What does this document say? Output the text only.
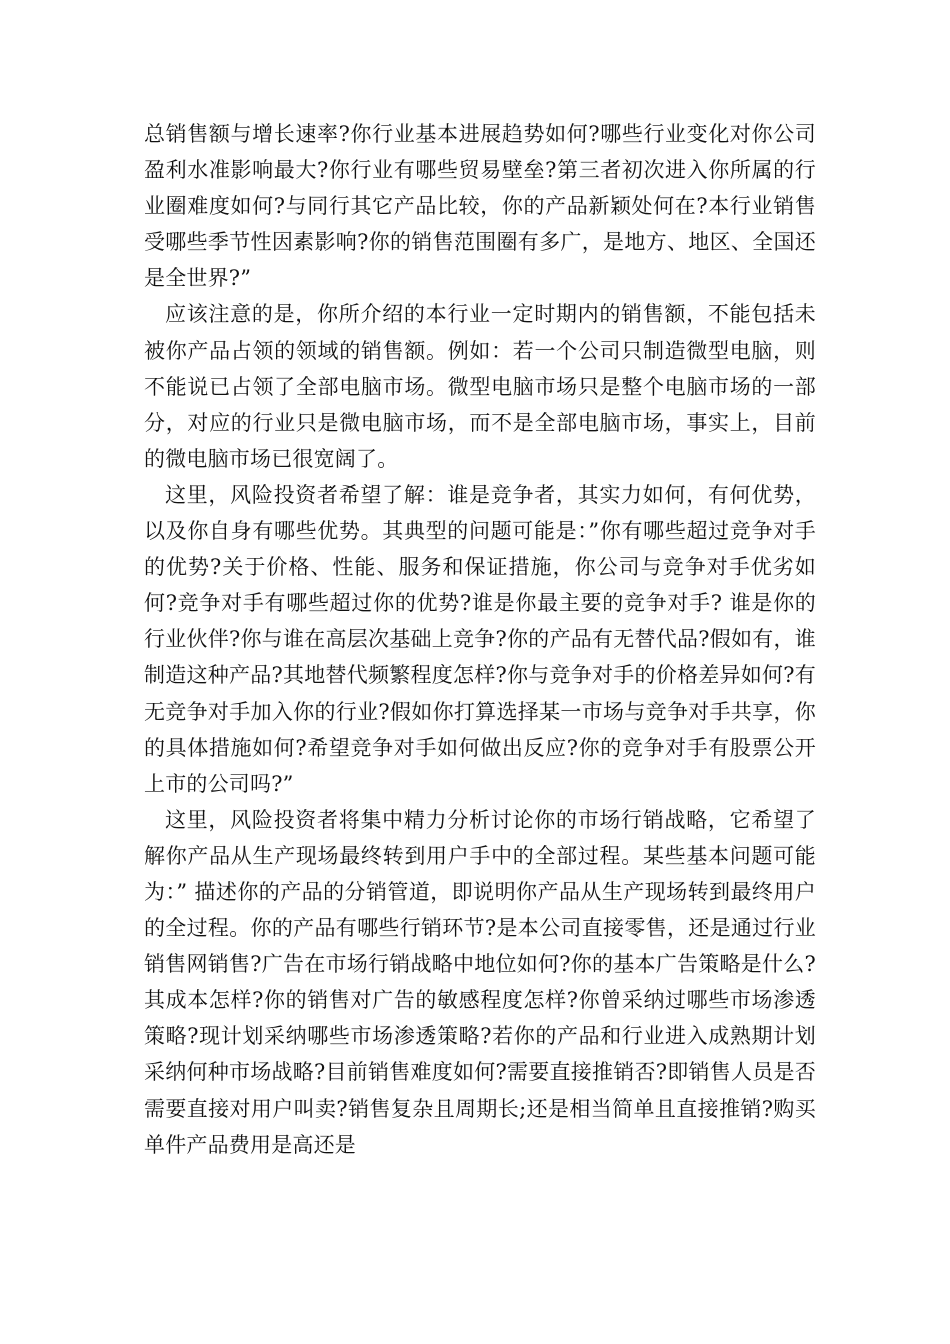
总销售额与增长速率?你行业基本进展趋势如何?哪些行业变化对你公司盈利水准影响最大?你行业有哪些贸易壁垒?第三者初次进入你所属的行业圈难度如何?与同行其它产品比较，你的产品新颖处何在?本行业销售受哪些季节性因素影响?你的销售范围圈有多广，是地方、地区、全国还是全世界?”

应该注意的是，你所介绍的本行业一定时期内的销售额，不能包括未被你产品占领的领域的销售额。例如：若一个公司只制造微型电脑，则不能说已占领了全部电脑市场。微型电脑市场只是整个电脑市场的一部分，对应的行业只是微电脑市场，而不是全部电脑市场，事实上，目前的微电脑市场已很宽阔了。

这里，风险投资者希望了解：谁是竞争者，其实力如何，有何优势，以及你自身有哪些优势。其典型的问题可能是：”你有哪些超过竞争对手的优势?关于价格、性能、服务和保证措施，你公司与竞争对手优劣如何?竞争对手有哪些超过你的优势?谁是你最主要的竞争对手? 谁是你的行业伙伴?你与谁在高层次基础上竞争?你的产品有无替代品?假如有，谁制造这种产品?其地替代频繁程度怎样?你与竞争对手的价格差异如何?有无竞争对手加入你的行业?假如你打算选择某一市场与竞争对手共享，你的具体措施如何?希望竞争对手如何做出反应?你的竞争对手有股票公开上市的公司吗?”

这里，风险投资者将集中精力分析讨论你的市场行销战略，它希望了解你产品从生产现场最终转到用户手中的全部过程。某些基本问题可能为：” 描述你的产品的分销管道，即说明你产品从生产现场转到最终用户的全过程。你的产品有哪些行销环节?是本公司直接零售，还是通过行业销售网销售?广告在市场行销战略中地位如何?你的基本广告策略是什么?其成本怎样?你的销售对广告的敏感程度怎样?你曾采纳过哪些市场渗透策略?现计划采纳哪些市场渗透策略?若你的产品和行业进入成熟期计划采纳何种市场战略?目前销售难度如何?需要直接推销否?即销售人员是否需要直接对用户叫卖?销售复杂且周期长;还是相当简单且直接推销?购买单件产品费用是高还是
